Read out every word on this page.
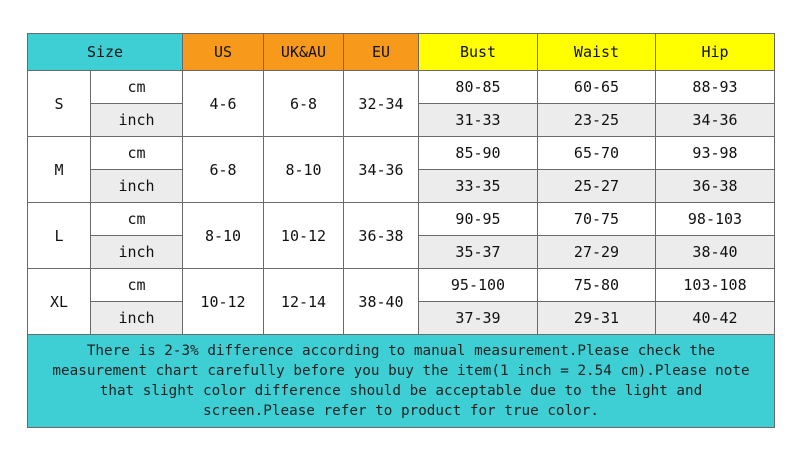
Size		US	UK&AU	EU	Bust	Waist	Hip
S	cm	4-6	6-8	32-34	80-85	60-65	88-93
	inch				31-33	23-25	34-36
M	cm	6-8	8-10	34-36	85-90	65-70	93-98
	inch				33-35	25-27	36-38
L	cm	8-10	10-12	36-38	90-95	70-75	98-103
	inch				35-37	27-29	38-40
XL	cm	10-12	12-14	38-40	95-100	75-80	103-108
	inch				37-39	29-31	40-42

There is 2-3% difference according to manual measurement.Please check the
measurement chart carefully before you buy the item(1 inch = 2.54 cm).Please note
that slight color difference should be acceptable due to the light and
screen.Please refer to product for true color.							
